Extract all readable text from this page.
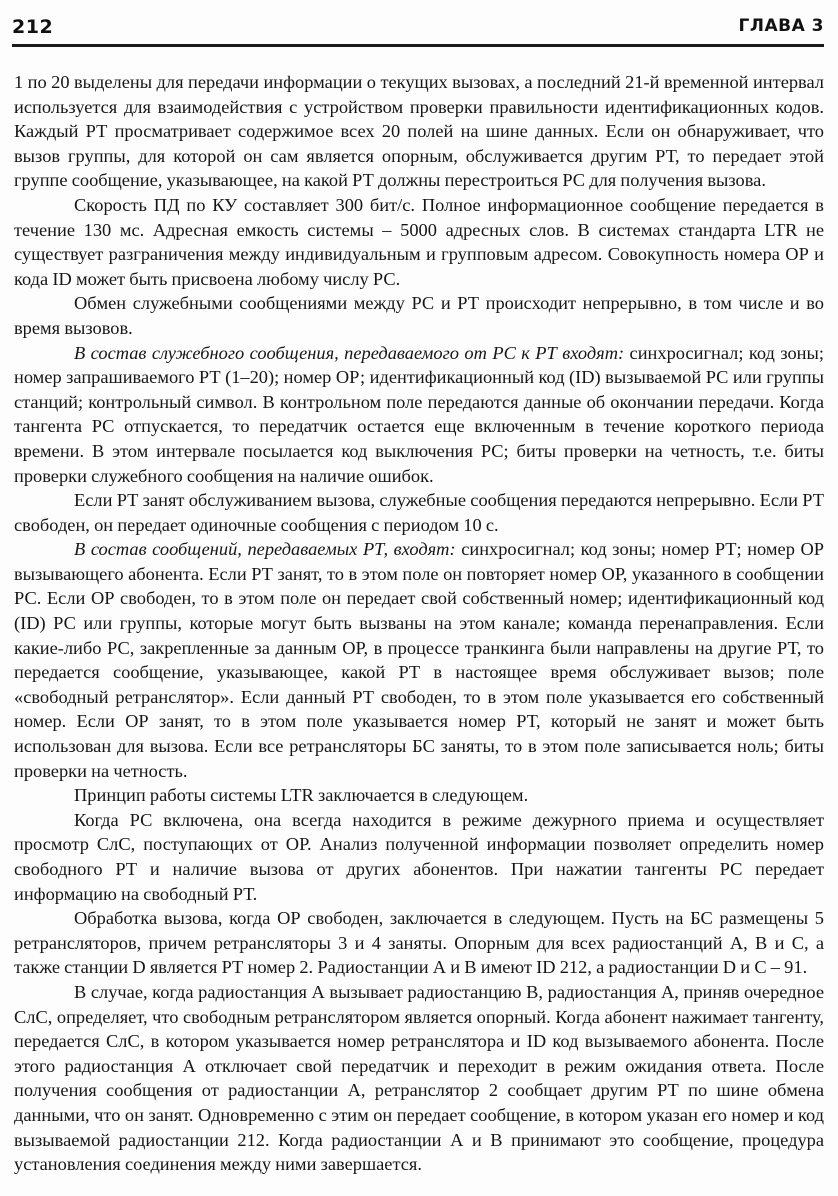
212	ГЛАВА 3

1 по 20 выделены для передачи информации о текущих вызовах, а последний 21-й временной интервал используется для взаимодействия с устройством проверки правильности идентификационных кодов. Каждый РТ просматривает содержимое всех 20 полей на шине данных. Если он обнаруживает, что вызов группы, для которой он сам является опорным, обслуживается другим РТ, то передает этой группе сообщение, указывающее, на какой РТ должны перестроиться РС для получения вызова.

Скорость ПД по КУ составляет 300 бит/с. Полное информационное сообщение передается в течение 130 мс. Адресная емкость системы – 5000 адресных слов. В системах стандарта LTR не существует разграничения между индивидуальным и групповым адресом. Совокупность номера ОР и кода ID может быть присвоена любому числу РС.

Обмен служебными сообщениями между РС и РТ происходит непрерывно, в том числе и во время вызовов.

В состав служебного сообщения, передаваемого от РС к РТ входят: синхросигнал; код зоны; номер запрашиваемого РТ (1–20); номер ОР; идентификационный код (ID) вызываемой РС или группы станций; контрольный символ. В контрольном поле передаются данные об окончании передачи. Когда тангента РС отпускается, то передатчик остается еще включенным в течение короткого периода времени. В этом интервале посылается код выключения РС; биты проверки на четность, т.е. биты проверки служебного сообщения на наличие ошибок.

Если РТ занят обслуживанием вызова, служебные сообщения передаются непрерывно. Если РТ свободен, он передает одиночные сообщения с периодом 10 с.

В состав сообщений, передаваемых РТ, входят: синхросигнал; код зоны; номер РТ; номер ОР вызывающего абонента. Если РТ занят, то в этом поле он повторяет номер ОР, указанного в сообщении РС. Если ОР свободен, то в этом поле он передает свой собственный номер; идентификационный код (ID) РС или группы, которые могут быть вызваны на этом канале; команда перенаправления. Если какие-либо РС, закрепленные за данным ОР, в процессе транкинга были направлены на другие РТ, то передается сообщение, указывающее, какой РТ в настоящее время обслуживает вызов; поле «свободный ретранслятор». Если данный РТ свободен, то в этом поле указывается его собственный номер. Если ОР занят, то в этом поле указывается номер РТ, который не занят и может быть использован для вызова. Если все ретрансляторы БС заняты, то в этом поле записывается ноль; биты проверки на четность.

Принцип работы системы LTR заключается в следующем.

Когда РС включена, она всегда находится в режиме дежурного приема и осуществляет просмотр СлС, поступающих от ОР. Анализ полученной информации позволяет определить номер свободного РТ и наличие вызова от других абонентов. При нажатии тангенты РС передает информацию на свободный РТ.

Обработка вызова, когда ОР свободен, заключается в следующем. Пусть на БС размещены 5 ретрансляторов, причем ретрансляторы 3 и 4 заняты. Опорным для всех радиостанций А, В и С, а также станции D является РТ номер 2. Радиостанции А и В имеют ID 212, а радиостанции D и С – 91.

В случае, когда радиостанция А вызывает радиостанцию В, радиостанция А, приняв очередное СлС, определяет, что свободным ретранслятором является опорный. Когда абонент нажимает тангенту, передается СлС, в котором указывается номер ретранслятора и ID код вызываемого абонента. После этого радиостанция А отключает свой передатчик и переходит в режим ожидания ответа. После получения сообщения от радиостанции А, ретранслятор 2 сообщает другим РТ по шине обмена данными, что он занят. Одновременно с этим он передает сообщение, в котором указан его номер и код вызываемой радиостанции 212. Когда радиостанции А и В принимают это сообщение, процедура установления соединения между ними завершается.
